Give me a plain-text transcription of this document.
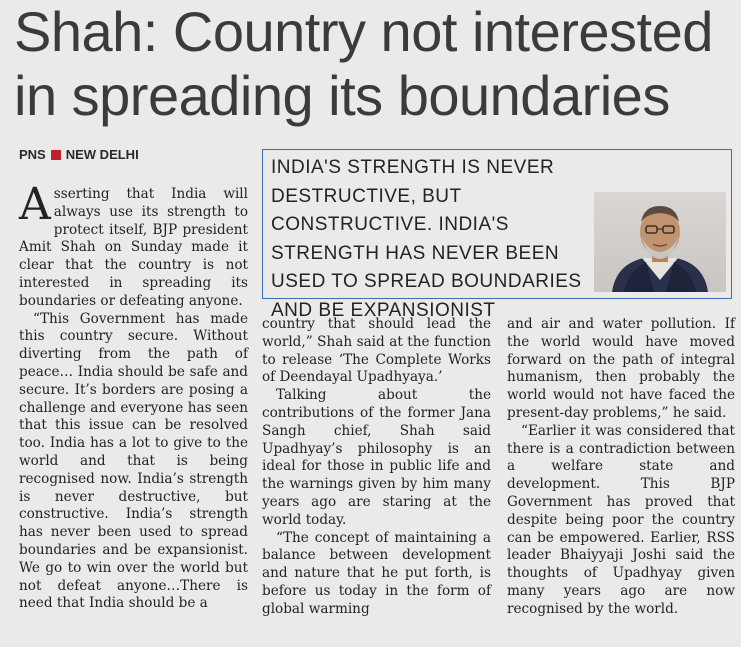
Shah: Country not interested in spreading its boundaries
PNS NEW DELHI
INDIA'S STRENGTH IS NEVER DESTRUCTIVE, BUT CONSTRUCTIVE. INDIA'S STRENGTH HAS NEVER BEEN USED TO SPREAD BOUNDARIES AND BE EXPANSIONIST

Asserting that India will always use its strength to protect itself, BJP president Amit Shah on Sunday made it clear that the country is not interested in spreading its boundaries or defeating anyone.

“This Government has made this country secure. Without diverting from the path of peace… India should be safe and secure. It’s borders are posing a challenge and everyone has seen that this issue can be resolved too. India has a lot to give to the world and that is being recognised now. India’s strength is never destructive, but constructive. India’s strength has never been used to spread boundaries and be expansionist. We go to win over the world but not defeat anyone…There is need that India should be a

country that should lead the world,” Shah said at the function to release ‘The Complete Works of Deendayal Upadhyaya.’

Talking about the contributions of the former Jana Sangh chief, Shah said Upadhyay’s philosophy is an ideal for those in public life and the warnings given by him many years ago are staring at the world today.

“The concept of maintaining a balance between development and nature that he put forth, is before us today in the form of global warming

and air and water pollution. If the world would have moved forward on the path of integral humanism, then probably the world would not have faced the present-day problems,” he said.

“Earlier it was considered that there is a contradiction between a welfare state and development. This BJP Government has proved that despite being poor the country can be empowered. Earlier, RSS leader Bhaiyyaji Joshi said the thoughts of Upadhyay given many years ago are now recognised by the world.
